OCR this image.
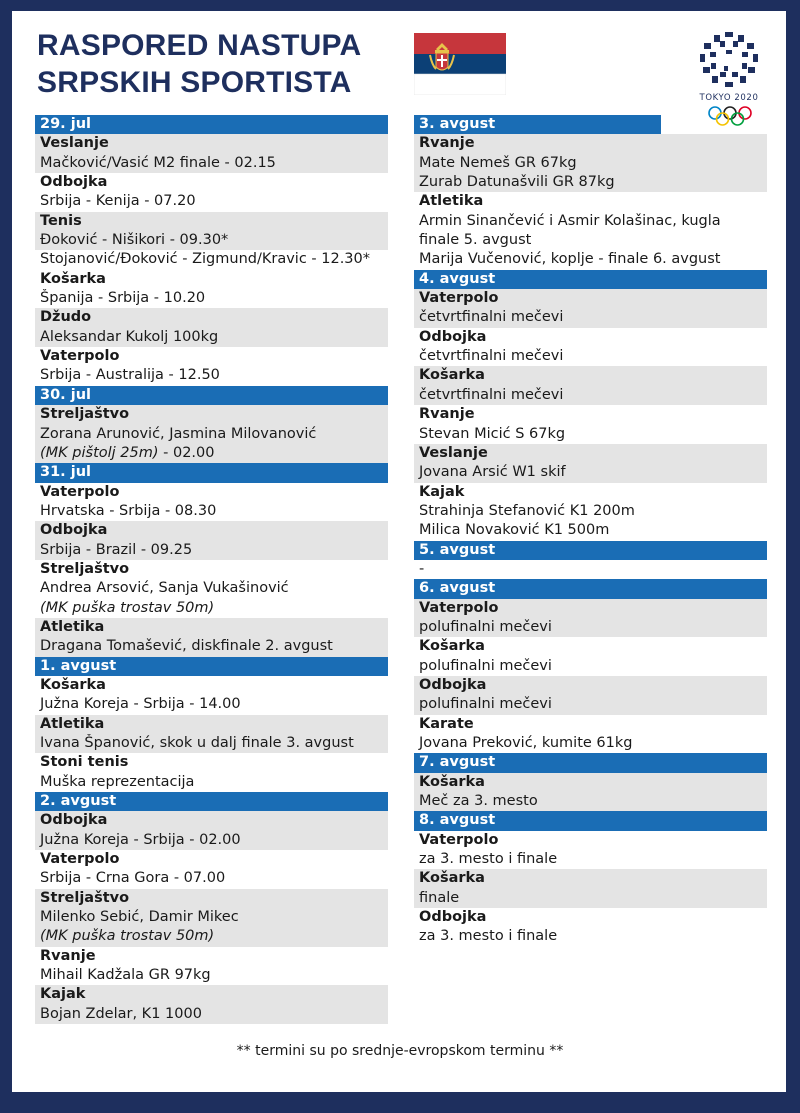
RASPORED NASTUPA
SRPSKIH SPORTISTA	TOKYO 2020
29. jul
Veslanje
Mačković/Vasić M2 finale - 02.15
Odbojka
Srbija - Kenija - 07.20
Tenis
Đoković - Nišikori - 09.30*
Stojanović/Đoković - Zigmund/Kravic - 12.30*
Košarka
Španija - Srbija - 10.20
Džudo
Aleksandar Kukolj 100kg
Vaterpolo
Srbija - Australija - 12.50
30. jul
Streljaštvo
Zorana Arunović, Jasmina Milovanović
(MK pištolj 25m) - 02.00
31. jul
Vaterpolo
Hrvatska - Srbija - 08.30
Odbojka
Srbija - Brazil - 09.25
Streljaštvo
Andrea Arsović, Sanja Vukašinović
(MK puška trostav 50m)
Atletika
Dragana Tomašević, diskfinale 2. avgust
1. avgust
Košarka
Južna Koreja - Srbija - 14.00
Atletika
Ivana Španović, skok u dalj finale 3. avgust
Stoni tenis
Muška reprezentacija
2. avgust
Odbojka
Južna Koreja - Srbija - 02.00
Vaterpolo
Srbija - Crna Gora - 07.00
Streljaštvo
Milenko Sebić, Damir Mikec
(MK puška trostav 50m)
Rvanje
Mihail Kadžala GR 97kg
Kajak
Bojan Zdelar, K1 1000
3. avgust
Rvanje
Mate Nemeš GR 67kg
Zurab Datunašvili GR 87kg
Atletika
Armin Sinančević i Asmir Kolašinac, kugla
finale 5. avgust
Marija Vučenović, koplje - finale 6. avgust
4. avgust
Vaterpolo
četvrtfinalni mečevi
Odbojka
četvrtfinalni mečevi
Košarka
četvrtfinalni mečevi
Rvanje
Stevan Micić S 67kg
Veslanje
Jovana Arsić W1 skif
Kajak
Strahinja Stefanović K1 200m
Milica Novaković K1 500m
5. avgust
-
6. avgust
Vaterpolo
polufinalni mečevi
Košarka
polufinalni mečevi
Odbojka
polufinalni mečevi
Karate
Jovana Preković, kumite 61kg
7. avgust
Košarka
Meč za 3. mesto
8. avgust
Vaterpolo
za 3. mesto i finale
Košarka
finale
Odbojka
za 3. mesto i finale
** termini su po srednje-evropskom terminu **
